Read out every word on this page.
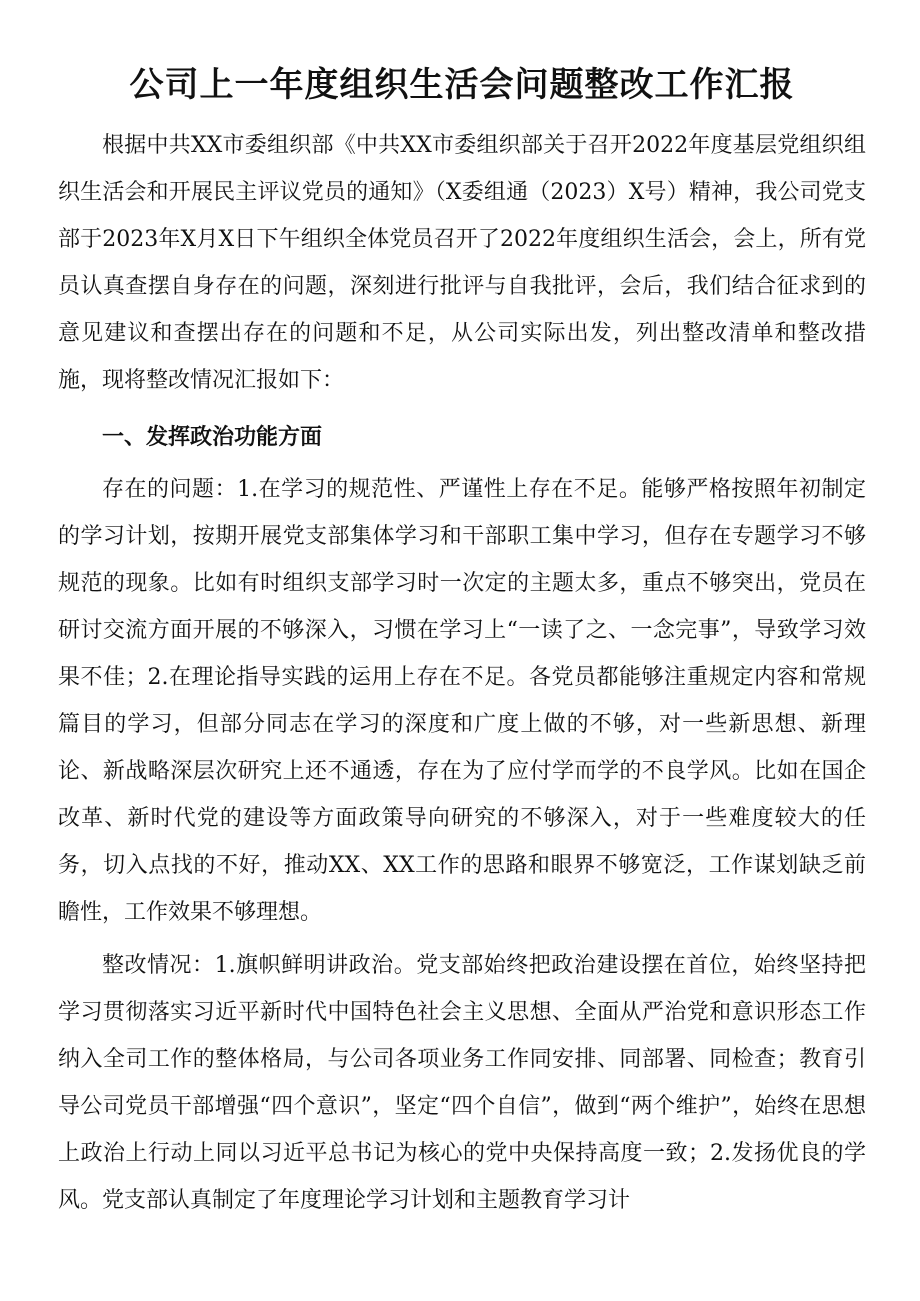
公司上一年度组织生活会问题整改工作汇报

根据中共XX市委组织部《中共XX市委组织部关于召开2022年度基层党组织组织生活会和开展民主评议党员的通知》（X委组通（2023）X号）精神，我公司党支部于2023年X月X日下午组织全体党员召开了2022年度组织生活会，会上，所有党员认真查摆自身存在的问题，深刻进行批评与自我批评，会后，我们结合征求到的意见建议和查摆出存在的问题和不足，从公司实际出发，列出整改清单和整改措施，现将整改情况汇报如下：

一、发挥政治功能方面

存在的问题：1.在学习的规范性、严谨性上存在不足。能够严格按照年初制定的学习计划，按期开展党支部集体学习和干部职工集中学习，但存在专题学习不够规范的现象。比如有时组织支部学习时一次定的主题太多，重点不够突出，党员在研讨交流方面开展的不够深入，习惯在学习上“一读了之、一念完事”，导致学习效果不佳；2.在理论指导实践的运用上存在不足。各党员都能够注重规定内容和常规篇目的学习，但部分同志在学习的深度和广度上做的不够，对一些新思想、新理论、新战略深层次研究上还不通透，存在为了应付学而学的不良学风。比如在国企改革、新时代党的建设等方面政策导向研究的不够深入，对于一些难度较大的任务，切入点找的不好，推动XX、XX工作的思路和眼界不够宽泛，工作谋划缺乏前瞻性，工作效果不够理想。

整改情况：1.旗帜鲜明讲政治。党支部始终把政治建设摆在首位，始终坚持把学习贯彻落实习近平新时代中国特色社会主义思想、全面从严治党和意识形态工作纳入全司工作的整体格局，与公司各项业务工作同安排、同部署、同检查；教育引导公司党员干部增强“四个意识”，坚定“四个自信”，做到“两个维护”，始终在思想上政治上行动上同以习近平总书记为核心的党中央保持高度一致；2.发扬优良的学风。党支部认真制定了年度理论学习计划和主题教育学习计
